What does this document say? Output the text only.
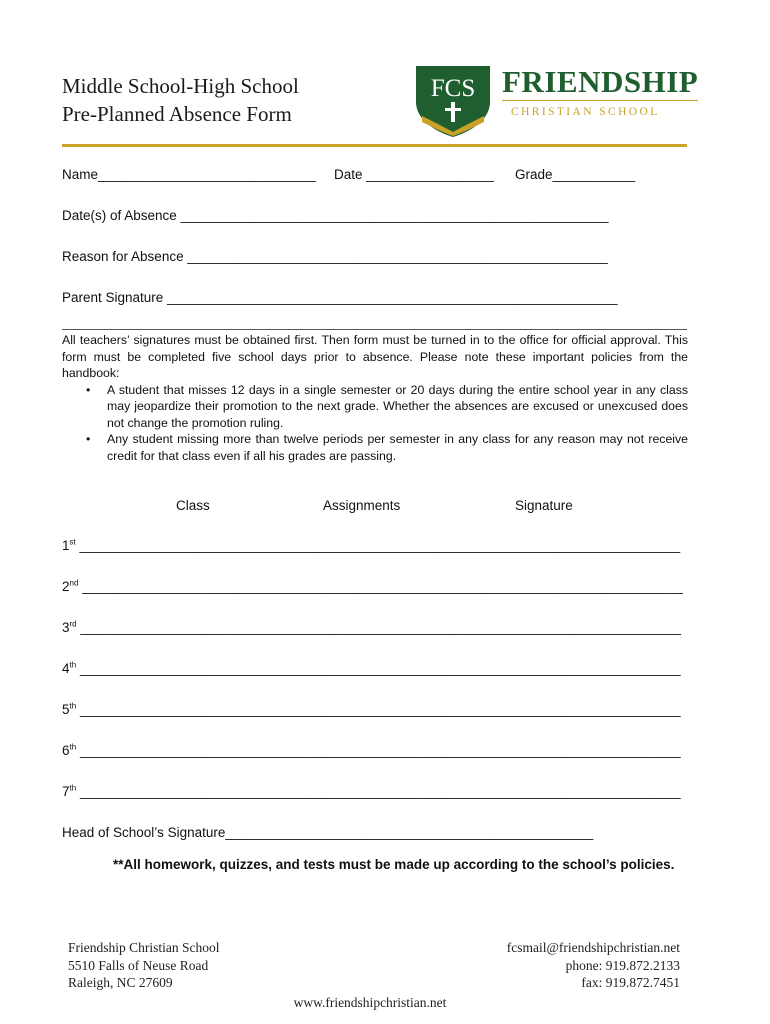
Middle School-High School
Pre-Planned Absence Form
FCS FRIENDSHIP
CHRISTIAN SCHOOL
Name_____________________________ Date _________________ Grade___________
Date(s) of Absence _________________________________________________________
Reason for Absence ________________________________________________________
Parent Signature ____________________________________________________________
All teachers’ signatures must be obtained first. Then form must be turned in to the office for official approval. This form must be completed five school days prior to absence. Please note these important policies from the handbook:
• A student that misses 12 days in a single semester or 20 days during the entire school year in any class may jeopardize their promotion to the next grade. Whether the absences are excused or unexcused does not change the promotion ruling.
• Any student missing more than twelve periods per semester in any class for any reason may not receive credit for that class even if all his grades are passing.
Class	Assignments	Signature
1st ________________________________________________________________________________
2nd ________________________________________________________________________________
3rd ________________________________________________________________________________
4th ________________________________________________________________________________
5th ________________________________________________________________________________
6th ________________________________________________________________________________
7th ________________________________________________________________________________
Head of School’s Signature_________________________________________________
**All homework, quizzes, and tests must be made up according to the school’s policies.
Friendship Christian School
5510 Falls of Neuse Road
Raleigh, NC 27609
fcsmail@friendshipchristian.net
phone: 919.872.2133
fax: 919.872.7451
www.friendshipchristian.net
